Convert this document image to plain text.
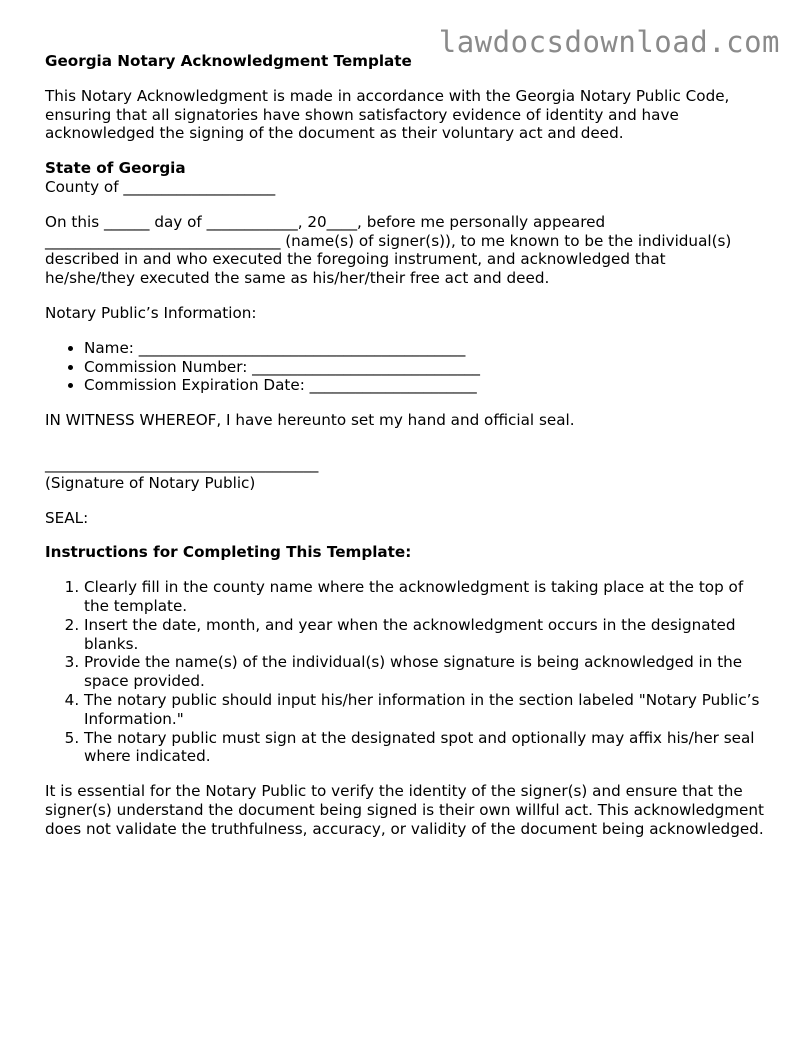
lawdocsdownload.com
Georgia Notary Acknowledgment Template
This Notary Acknowledgment is made in accordance with the Georgia Notary Public Code, ensuring that all signatories have shown satisfactory evidence of identity and have acknowledged the signing of the document as their voluntary act and deed.
State of Georgia
County of ____________________
On this ______ day of ____________, 20____, before me personally appeared
_______________________________ (name(s) of signer(s)), to me known to be the individual(s)
described in and who executed the foregoing instrument, and acknowledged that
he/she/they executed the same as his/her/their free act and deed.
Notary Public’s Information:
• Name: ___________________________________________
• Commission Number: ______________________________
• Commission Expiration Date: ______________________
IN WITNESS WHEREOF, I have hereunto set my hand and official seal.
____________________________________
(Signature of Notary Public)
SEAL:
Instructions for Completing This Template:
1. Clearly fill in the county name where the acknowledgment is taking place at the top of the template.
2. Insert the date, month, and year when the acknowledgment occurs in the designated blanks.
3. Provide the name(s) of the individual(s) whose signature is being acknowledged in the space provided.
4. The notary public should input his/her information in the section labeled "Notary Public’s Information."
5. The notary public must sign at the designated spot and optionally may affix his/her seal where indicated.
It is essential for the Notary Public to verify the identity of the signer(s) and ensure that the signer(s) understand the document being signed is their own willful act. This acknowledgment does not validate the truthfulness, accuracy, or validity of the document being acknowledged.
